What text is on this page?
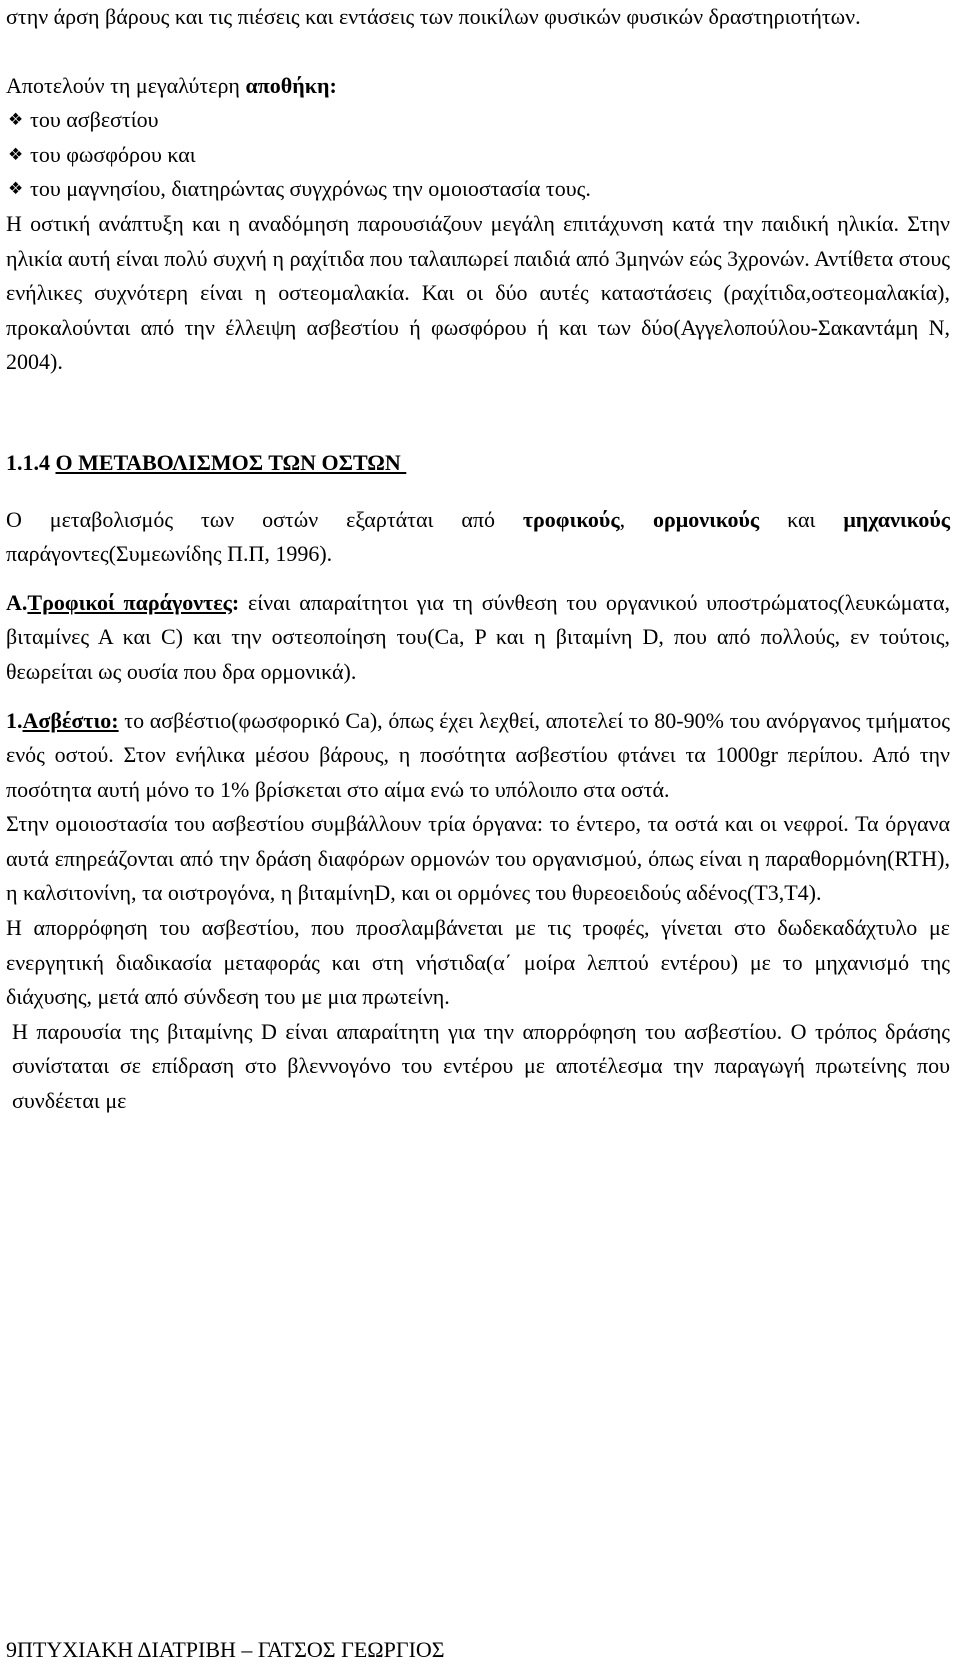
στην άρση βάρους και τις πιέσεις και εντάσεις των ποικίλων φυσικών φυσικών δραστηριοτήτων.

Αποτελούν τη μεγαλύτερη αποθήκη:

❖ του ασβεστίου
❖ του φωσφόρου και
❖ του μαγνησίου, διατηρώντας συγχρόνως την ομοιοστασία τους.

Η οστική ανάπτυξη και η αναδόμηση παρουσιάζουν μεγάλη επιτάχυνση κατά την παιδική ηλικία. Στην ηλικία αυτή είναι πολύ συχνή η ραχίτιδα που ταλαιπωρεί παιδιά από 3μηνών εώς 3χρονών. Αντίθετα στους ενήλικες συχνότερη είναι η οστεομαλακία. Και οι δύο αυτές καταστάσεις (ραχίτιδα,οστεομαλακία), προκαλούνται από την έλλειψη ασβεστίου ή φωσφόρου ή και των δύο(Αγγελοπούλου-Σακαντάμη Ν, 2004).

1.1.4 Ο ΜΕΤΑΒΟΛΙΣΜΟΣ ΤΩΝ ΟΣΤΩΝ

Ο μεταβολισμός των οστών εξαρτάται από τροφικούς, ορμονικούς και μηχανικούς παράγοντες(Συμεωνίδης Π.Π, 1996).

Α.Τροφικοί παράγοντες: είναι απαραίτητοι για τη σύνθεση του οργανικού υποστρώματος(λευκώματα, βιταμίνες Α και C) και την οστεοποίηση του(Ca, P και η βιταμίνη D, που από πολλούς, εν τούτοις, θεωρείται ως ουσία που δρα ορμονικά).

1.Ασβέστιο: το ασβέστιο(φωσφορικό Ca), όπως έχει λεχθεί, αποτελεί το 80-90% του ανόργανος τμήματος ενός οστού. Στον ενήλικα μέσου βάρους, η ποσότητα ασβεστίου φτάνει τα 1000gr περίπου. Από την ποσότητα αυτή μόνο το 1% βρίσκεται στο αίμα ενώ το υπόλοιπο στα οστά.

Στην ομοιοστασία του ασβεστίου συμβάλλουν τρία όργανα: το έντερο, τα οστά και οι νεφροί. Τα όργανα αυτά επηρεάζονται από την δράση διαφόρων ορμονών του οργανισμού, όπως είναι η παραθορμόνη(RTH), η καλσιτονίνη, τα οιστρογόνα, η βιταμίνηD, και οι ορμόνες του θυρεοειδούς αδένος(T3,T4).

Η απορρόφηση του ασβεστίου, που προσλαμβάνεται με τις τροφές, γίνεται στο δωδεκαδάχτυλο με ενεργητική διαδικασία μεταφοράς και στη νήστιδα(α΄ μοίρα λεπτού εντέρου) με το μηχανισμό της διάχυσης, μετά από σύνδεση του με μια πρωτείνη.

Η παρουσία της βιταμίνης D είναι απαραίτητη για την απορρόφηση του ασβεστίου. Ο τρόπος δράσης συνίσταται σε επίδραση στο βλεννογόνο του εντέρου με αποτέλεσμα την παραγωγή πρωτείνης που συνδέεται με

9ΠΤΥΧΙΑΚΗ ΔΙΑΤΡΙΒΗ – ΓΑΤΣΟΣ ΓΕΩΡΓΙΟΣ
